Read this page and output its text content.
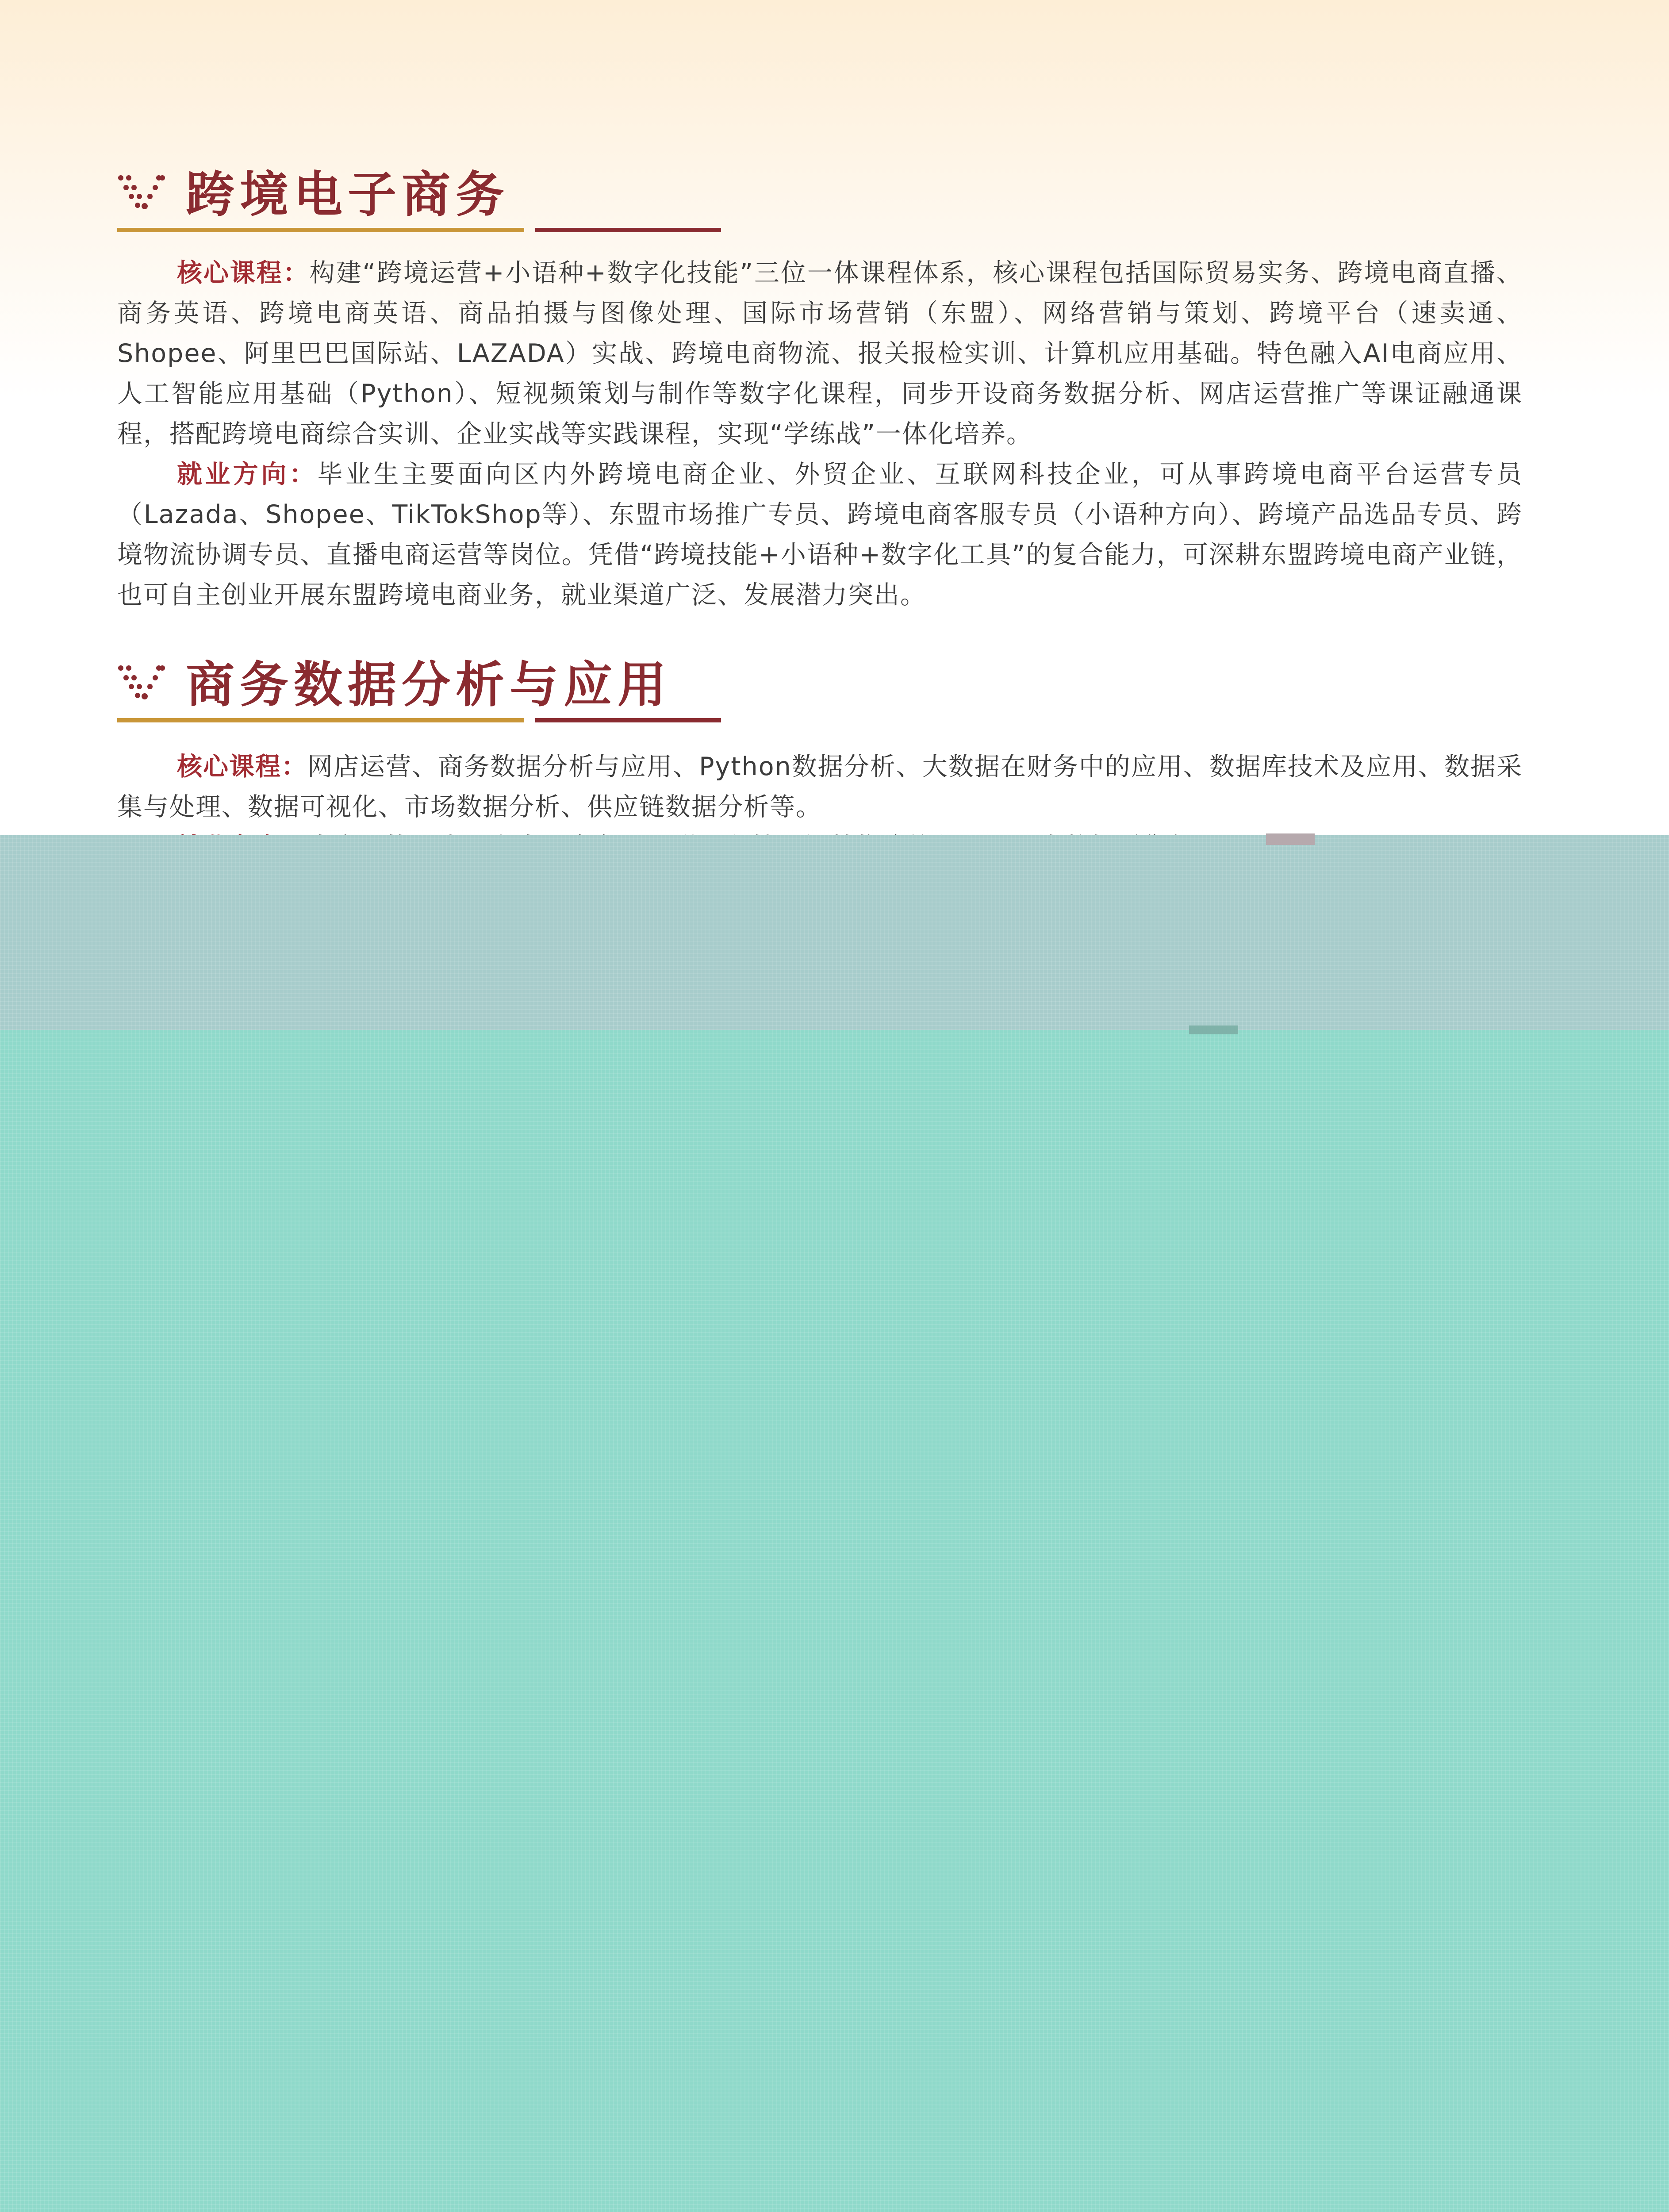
跨境电子商务

核心课程：构建“跨境运营+小语种+数字化技能”三位一体课程体系，核心课程包括国际贸易实务、跨境电商直播、商务英语、跨境电商英语、商品拍摄与图像处理、国际市场营销（东盟）、网络营销与策划、跨境平台（速卖通、Shopee、阿里巴巴国际站、LAZADA）实战、跨境电商物流、报关报检实训、计算机应用基础。特色融入AI电商应用、人工智能应用基础（Python）、短视频策划与制作等数字化课程，同步开设商务数据分析、网店运营推广等课证融通课程，搭配跨境电商综合实训、企业实战等实践课程，实现“学练战”一体化培养。

就业方向：毕业生主要面向区内外跨境电商企业、外贸企业、互联网科技企业，可从事跨境电商平台运营专员（Lazada、Shopee、TikTokShop等）、东盟市场推广专员、跨境电商客服专员（小语种方向）、跨境产品选品专员、跨境物流协调专员、直播电商运营等岗位。凭借“跨境技能+小语种+数字化工具”的复合能力，可深耕东盟跨境电商产业链，也可自主创业开展东盟跨境电商业务，就业渠道广泛、发展潜力突出。

商务数据分析与应用

核心课程：网店运营、商务数据分析与应用、Python数据分析、大数据在财务中的应用、数据库技术及应用、数据采集与处理、数据可视化、市场数据分析、供应链数据分析等。
